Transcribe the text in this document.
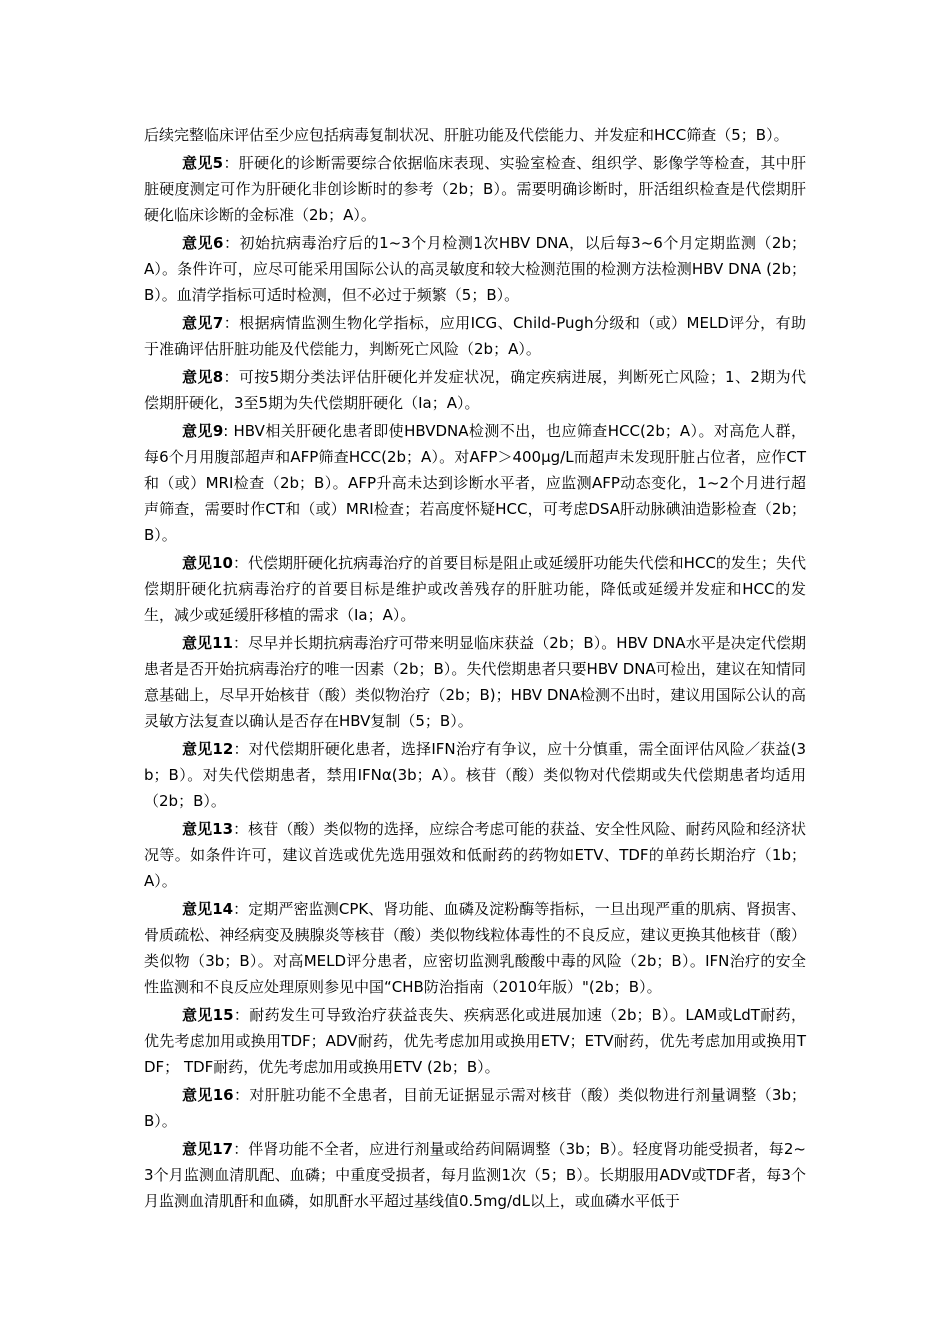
后续完整临床评估至少应包括病毒复制状况、肝脏功能及代偿能力、并发症和HCC筛查（5；B）。

意见5：肝硬化的诊断需要综合依据临床表现、实验室检查、组织学、影像学等检查，其中肝脏硬度测定可作为肝硬化非创诊断时的参考（2b；B）。需要明确诊断时，肝活组织检查是代偿期肝硬化临床诊断的金标准（2b；A）。

意见6：初始抗病毒治疗后的1~3个月检测1次HBV DNA，以后每3~6个月定期监测（2b；A）。条件许可，应尽可能采用国际公认的高灵敏度和较大检测范围的检测方法检测HBV DNA (2b；B）。血清学指标可适时检测，但不必过于频繁（5；B）。

意见7：根据病情监测生物化学指标，应用ICG、Child-Pugh分级和（或）MELD评分，有助于准确评估肝脏功能及代偿能力，判断死亡风险（2b；A）。

意见8：可按5期分类法评估肝硬化并发症状况，确定疾病进展，判断死亡风险；1、2期为代偿期肝硬化，3至5期为失代偿期肝硬化（Ia；A）。

意见9: HBV相关肝硬化患者即使HBVDNA检测不出，也应筛查HCC(2b；A）。对高危人群，每6个月用腹部超声和AFP筛查HCC(2b；A）。对AFP＞400μg/L而超声未发现肝脏占位者，应作CT和（或）MRI检查（2b；B）。AFP升高未达到诊断水平者，应监测AFP动态变化，1~2个月进行超声筛查，需要时作CT和（或）MRI检查；若高度怀疑HCC，可考虑DSA肝动脉碘油造影检查（2b；B）。

意见10：代偿期肝硬化抗病毒治疗的首要目标是阻止或延缓肝功能失代偿和HCC的发生；失代偿期肝硬化抗病毒治疗的首要目标是维护或改善残存的肝脏功能，降低或延缓并发症和HCC的发生，减少或延缓肝移植的需求（Ia；A）。

意见11：尽早并长期抗病毒治疗可带来明显临床获益（2b；B）。HBV DNA水平是决定代偿期患者是否开始抗病毒治疗的唯一因素（2b；B）。失代偿期患者只要HBV DNA可检出，建议在知情同意基础上，尽早开始核苷（酸）类似物治疗（2b；B)；HBV DNA检测不出时，建议用国际公认的高灵敏方法复查以确认是否存在HBV复制（5；B）。

意见12：对代偿期肝硬化患者，选择IFN治疗有争议，应十分慎重，需全面评估风险／获益(3b；B）。对失代偿期患者，禁用IFNα(3b；A）。核苷（酸）类似物对代偿期或失代偿期患者均适用（2b；B）。

意见13：核苷（酸）类似物的选择，应综合考虑可能的获益、安全性风险、耐药风险和经济状况等。如条件许可，建议首选或优先选用强效和低耐药的药物如ETV、TDF的单药长期治疗（1b；A）。

意见14：定期严密监测CPK、肾功能、血磷及淀粉酶等指标，一旦出现严重的肌病、肾损害、骨质疏松、神经病变及胰腺炎等核苷（酸）类似物线粒体毒性的不良反应，建议更换其他核苷（酸）类似物（3b；B）。对高MELD评分患者，应密切监测乳酸酸中毒的风险（2b；B）。IFN治疗的安全性监测和不良反应处理原则参见中国“CHB防治指南（2010年版）"(2b；B）。

意见15：耐药发生可导致治疗获益丧失、疾病恶化或进展加速（2b；B）。LAM或LdT耐药，优先考虑加用或换用TDF；ADV耐药，优先考虑加用或换用ETV；ETV耐药，优先考虑加用或换用TDF； TDF耐药，优先考虑加用或换用ETV (2b；B）。

意见16：对肝脏功能不全患者，目前无证据显示需对核苷（酸）类似物进行剂量调整（3b；B）。

意见17：伴肾功能不全者，应进行剂量或给药间隔调整（3b；B）。轻度肾功能受损者，每2~3个月监测血清肌配、血磷；中重度受损者，每月监测1次（5；B）。长期服用ADV或TDF者，每3个月监测血清肌酐和血磷，如肌酐水平超过基线值0.5mg/dL以上，或血磷水平低于
